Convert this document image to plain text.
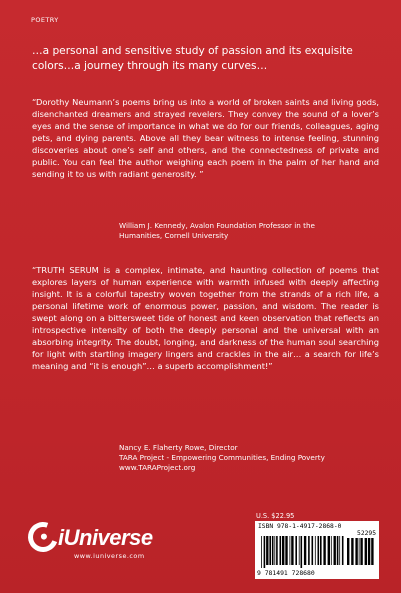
POETRY
…a personal and sensitive study of passion and its exquisite colors…a journey through its many curves…
“Dorothy Neumann’s poems bring us into a world of broken saints and living gods, disenchanted dreamers and strayed revelers. They convey the sound of a lover’s eyes and the sense of importance in what we do for our friends, colleagues, aging pets, and dying parents. Above all they bear witness to intense feeling, stunning discoveries about one’s self and others, and the connectedness of private and public. You can feel the author weighing each poem in the palm of her hand and sending it to us with radiant generosity. ”
William J. Kennedy, Avalon Foundation Professor in the
Humanities, Cornell University
“TRUTH SERUM is a complex, intimate, and haunting collection of poems that explores layers of human experience with warmth infused with deeply affecting insight. It is a colorful tapestry woven together from the strands of a rich life, a personal lifetime work of enormous power, passion, and wisdom. The reader is swept along on a bittersweet tide of honest and keen observation that reflects an introspective intensity of both the deeply personal and the universal with an absorbing integrity. The doubt, longing, and darkness of the human soul searching for light with startling imagery lingers and crackles in the air… a search for life’s meaning and “it is enough”… a superb accomplishment!”
Nancy E. Flaherty Rowe, Director
TARA Project - Empowering Communities, Ending Poverty
www.TARAProject.org
iUniverse
www.iuniverse.com
U.S. $22.95
ISBN 978-1-4917-2868-0
52295
9 781491 728680
